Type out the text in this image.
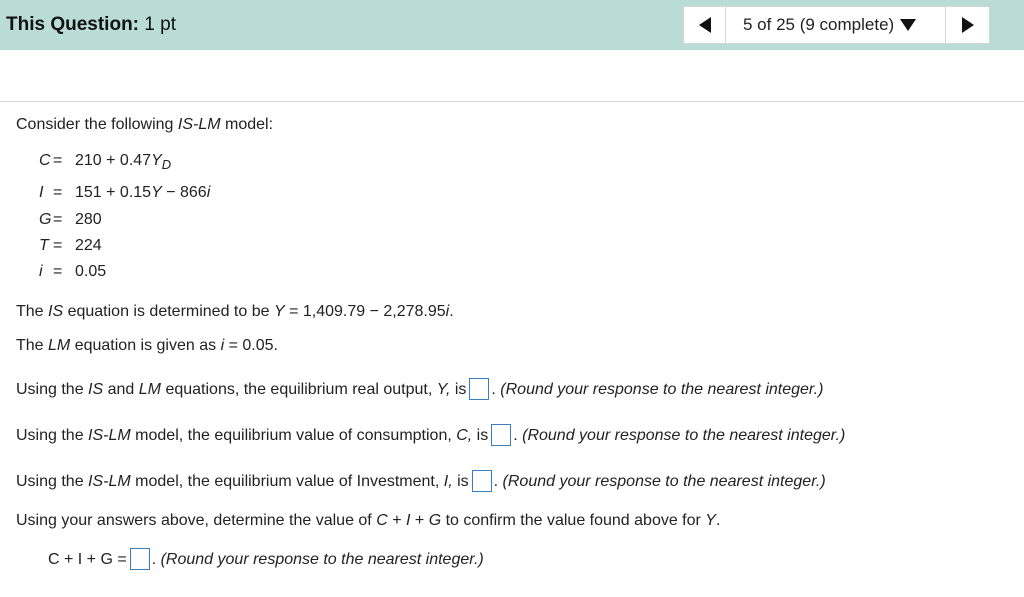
This Question: 1 pt	5 of 25 (9 complete)
Consider the following IS-LM model:
$C = 210 + 0.47Y_D$
I = 151 + 0.15Y − 866i
G= 280
T = 224
i = 0.05
The IS equation is determined to be Y = 1,409.79 − 2,278.95i.
The LM equation is given as i = 0.05.
Using the IS and LM equations, the equilibrium real output, Y, is . (Round your response to the nearest integer.)
Using the IS-LM model, the equilibrium value of consumption, C, is . (Round your response to the nearest integer.)
Using the IS-LM model, the equilibrium value of Investment, I, is . (Round your response to the nearest integer.)
Using your answers above, determine the value of C + I + G to confirm the value found above for Y.
C + I + G = . (Round your response to the nearest integer.)
